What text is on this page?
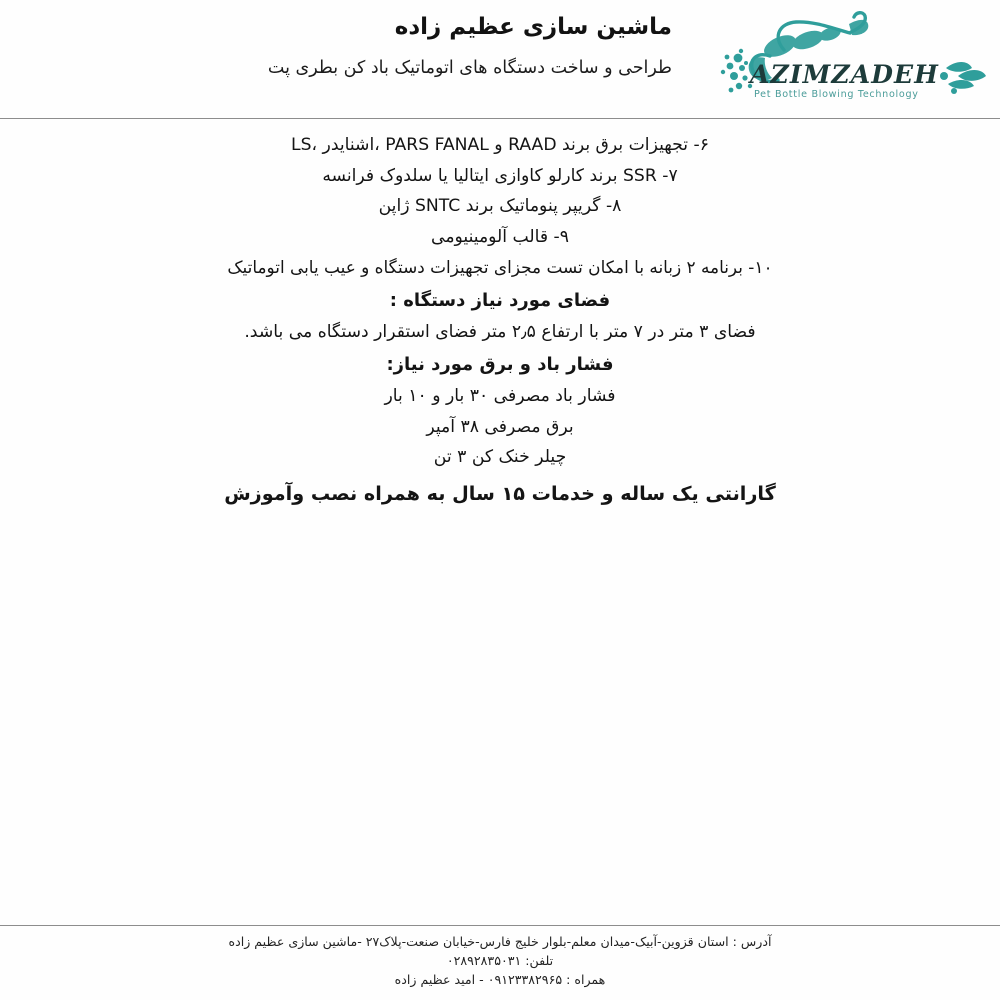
ماشین سازی عظیم زاده
طراحی و ساخت دستگاه های اتوماتیک باد کن بطری پت	AZIMZADEH
Pet Bottle Blowing Technology

۶- تجهیزات برق برند RAAD و PARS FANAL ،اشنایدر ،LS

۷- SSR برند کارلو کاوازی ایتالیا یا سلدوک فرانسه

۸- گریپر پنوماتیک برند SNTC ژاپن

۹- قالب آلومینیومی

۱۰- برنامه ۲ زبانه با امکان تست مجزای تجهیزات دستگاه و عیب یابی اتوماتیک

فضای مورد نیاز دستگاه :

فضای ۳ متر در ۷ متر با ارتفاع ۲٫۵ متر فضای استقرار دستگاه می باشد.

فشار باد و برق مورد نیاز:

فشار باد مصرفی ۳۰ بار و ۱۰ بار

برق مصرفی ۳۸ آمپر

چیلر خنک کن ۳ تن

گارانتی یک ساله و خدمات ۱۵ سال به همراه نصب وآموزش

آدرس : استان قزوین-آبیک-میدان معلم-بلوار خلیج فارس-خیابان صنعت-پلاک۲۷ -ماشین سازی عظیم زاده

تلفن: ۰۲۸۹۲۸۳۵۰۳۱

همراه : ۰۹۱۲۳۳۸۲۹۶۵ - امید عظیم زاده
